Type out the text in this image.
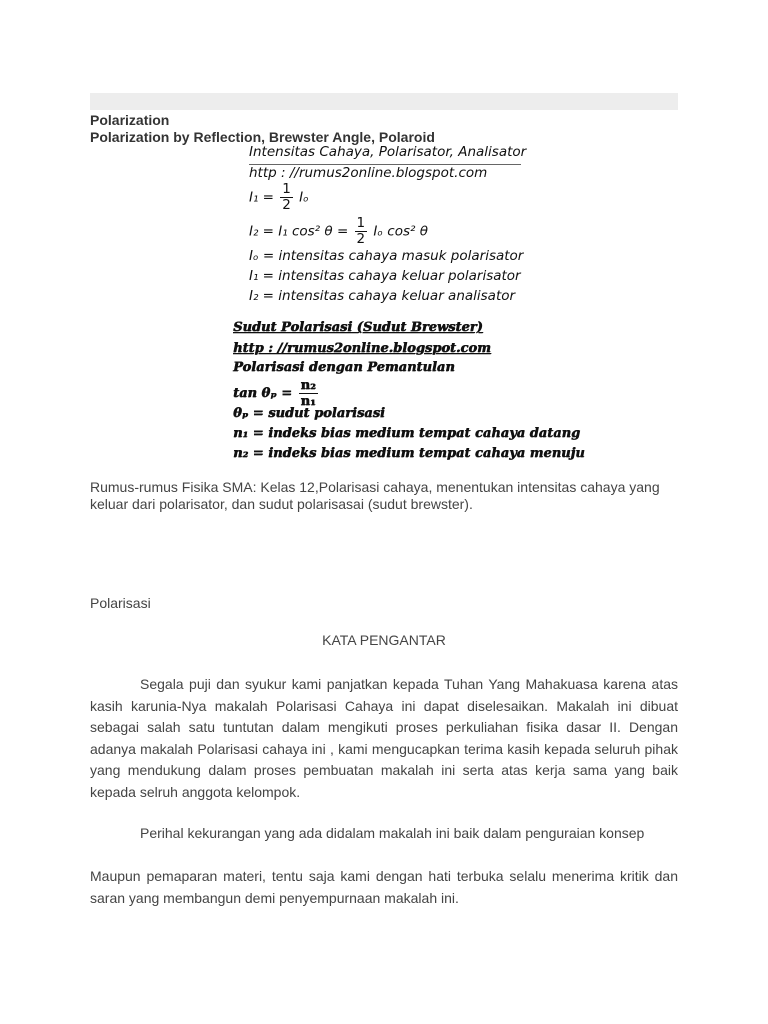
Polarization
Polarization by Reflection, Brewster Angle, Polaroid
Intensitas Cahaya, Polarisator, Analisator
http : //rumus2online.blogspot.com
$I_1 = \frac{1}{2}$ Iₒ
I₂ = I₁ cos² $\theta = \frac{1}{2}$ Iₒ cos² θ
Iₒ = intensitas cahaya masuk polarisator
I₁ = intensitas cahaya keluar polarisator
I₂ = intensitas cahaya keluar analisator
Sudut Polarisasi (Sudut Brewster)
http : //rumus2online.blogspot.com
Polarisasi dengan Pemantulan
$\tan \theta_p = \frac{\text{n₂}}{\text{n₁}}$
θₚ = sudut polarisasi
n₁ = indeks bias medium tempat cahaya datang
n₂ = indeks bias medium tempat cahaya menuju
Rumus-rumus Fisika SMA: Kelas 12,Polarisasi cahaya, menentukan intensitas cahaya yang keluar dari polarisator, dan sudut polarisasai (sudut brewster).
Polarisasi
KATA PENGANTAR
Segala puji dan syukur kami panjatkan kepada Tuhan Yang Mahakuasa karena atas kasih karunia-Nya makalah Polarisasi Cahaya ini dapat diselesaikan. Makalah ini dibuat sebagai salah satu tuntutan dalam mengikuti proses perkuliahan fisika dasar II. Dengan adanya makalah Polarisasi cahaya ini , kami mengucapkan terima kasih kepada seluruh pihak yang mendukung dalam proses pembuatan makalah ini serta atas kerja sama yang baik kepada selruh anggota kelompok.
Perihal kekurangan yang ada didalam makalah ini baik dalam penguraian konsep
Maupun pemaparan materi, tentu saja kami dengan hati terbuka selalu menerima kritik dan saran yang membangun demi penyempurnaan makalah ini.
